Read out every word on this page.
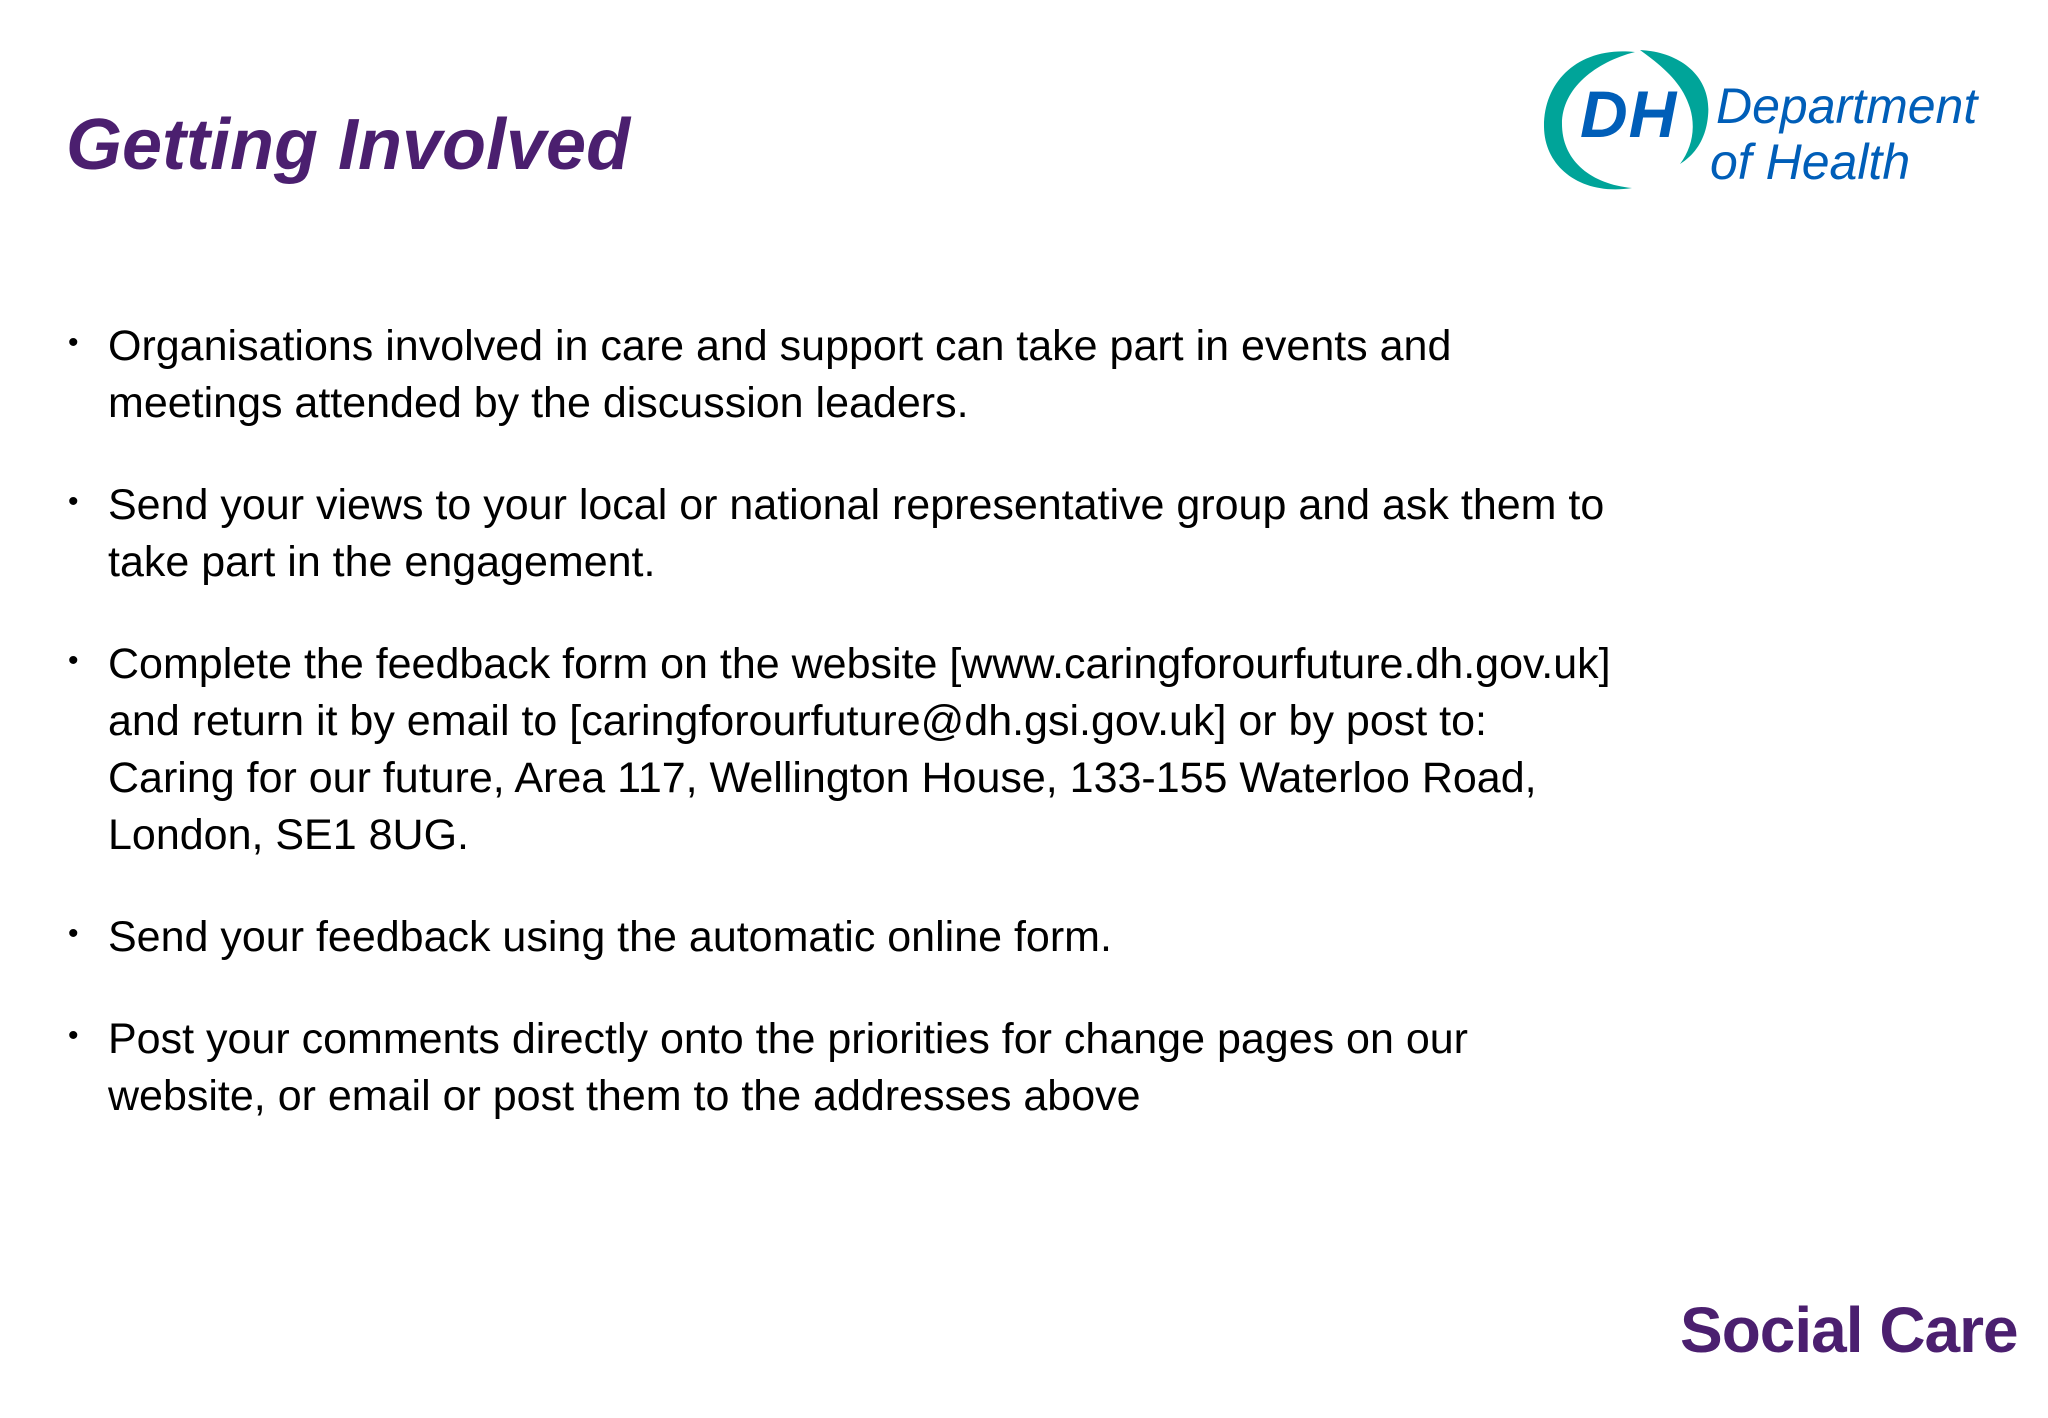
Getting Involved	DH Department
of Health
• Organisations involved in care and support can take part in events and
meetings attended by the discussion leaders.
• Send your views to your local or national representative group and ask them to
take part in the engagement.
• Complete the feedback form on the website [www.caringforourfuture.dh.gov.uk]
and return it by email to [caringforourfuture@dh.gsi.gov.uk] or by post to:
Caring for our future, Area 117, Wellington House, 133-155 Waterloo Road,
London, SE1 8UG.
• Send your feedback using the automatic online form.
• Post your comments directly onto the priorities for change pages on our
website, or email or post them to the addresses above
Social Care
